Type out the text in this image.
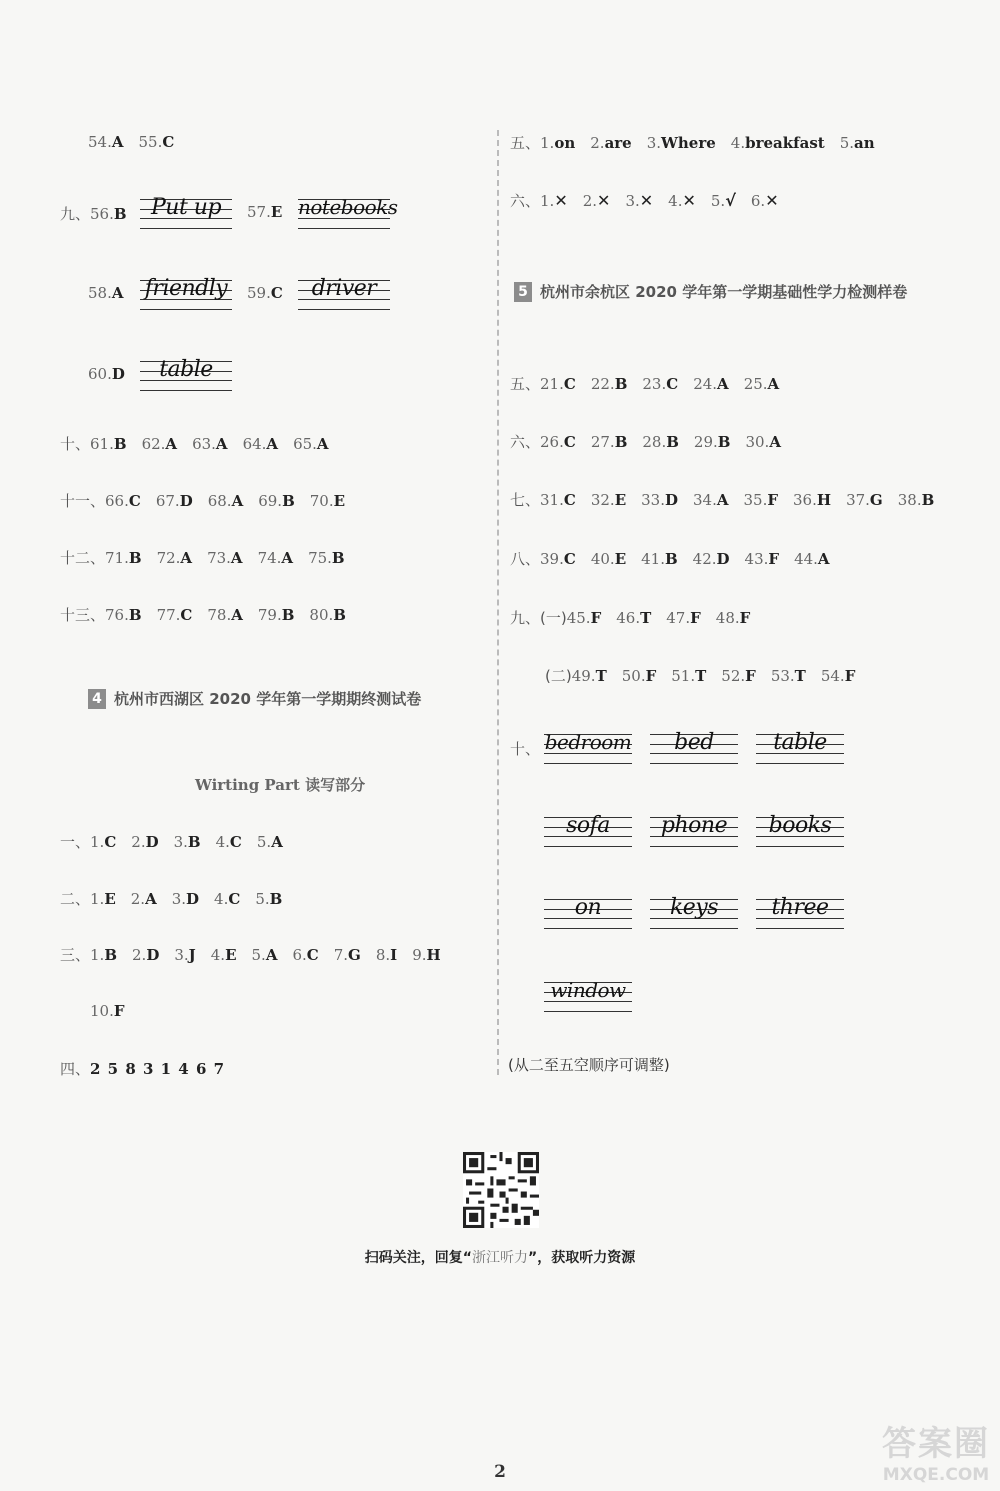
54.A 55.C
九、 56.B	Put up	57.E notebooks
58.A friendly	59.C	driver
60.D	table
十、 61.B 62.A 63.A 64.A 65.A
十一、 66.C 67.D 68.A 69.B 70.E
十二、 71.B 72.A 73.A 74.A 75.B
十三、 76.B 77.C 78.A 79.B 80.B
4 杭州市西湖区 2020 学年第一学期期终测试卷
Wirting Part 读写部分
一、 1.C 2.D 3.B 4.C 5.A
二、 1.E 2.A 3.D 4.C 5.B
三、 1.B 2.D 3.J 4.E 5.A 6.C 7.G 8.I 9.H
10.F
四、 2 5 8 3 1 4 6 7
五、 1.on 2.are 3.Where 4.breakfast 5.an
六、 1.✕ 2.✕ 3.✕ 4.✕ 5.√ 6.✕
5 杭州市余杭区 2020 学年第一学期基础性学力检测样卷
五、 21.C 22.B 23.C 24.A 25.A
六、 26.C 27.B 28.B 29.B 30.A
七、 31.C 32.E 33.D 34.A 35.F 36.H 37.G 38.B
八、 39.C 40.E 41.B 42.D 43.F 44.A
九、(一) 45.F 46.T 47.F 48.F
(二) 49.T 50.F 51.T 52.F 53.T 54.F
十、 bedroom	bed	table
sofa	phone	books
on	keys	three
window
(从二至五空顺序可调整)
扫码关注，回复“浙江听力”，获取听力资源
2
答案圈
MXQE.COM
